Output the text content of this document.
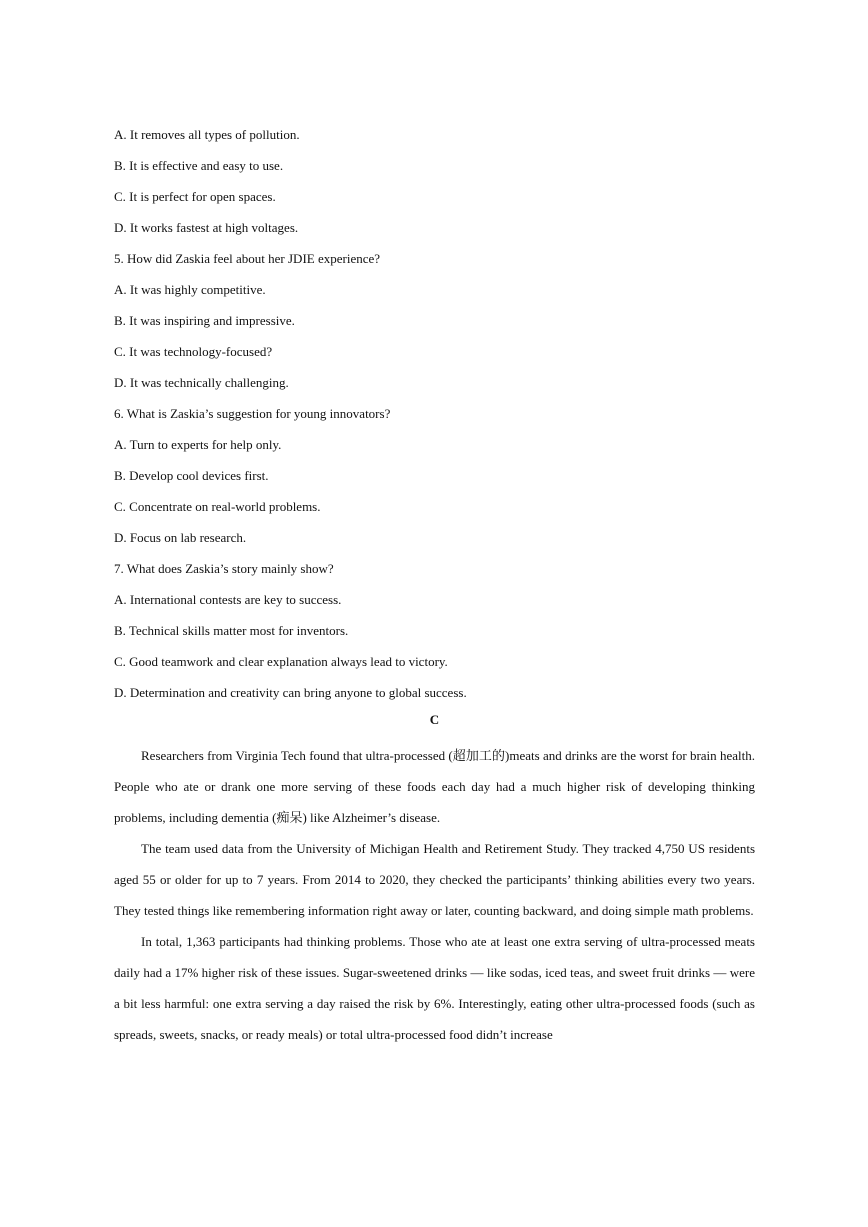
A. It removes all types of pollution.
B. It is effective and easy to use.
C. It is perfect for open spaces.
D. It works fastest at high voltages.
5. How did Zaskia feel about her JDIE experience?
A. It was highly competitive.
B. It was inspiring and impressive.
C. It was technology-focused?
D. It was technically challenging.
6. What is Zaskia’s suggestion for young innovators?
A. Turn to experts for help only.
B. Develop cool devices first.
C. Concentrate on real-world problems.
D. Focus on lab research.
7. What does Zaskia’s story mainly show?
A. International contests are key to success.
B. Technical skills matter most for inventors.
C. Good teamwork and clear explanation always lead to victory.
D. Determination and creativity can bring anyone to global success.
C

Researchers from Virginia Tech found that ultra-processed (超加工的)meats and drinks are the worst for brain health. People who ate or drank one more serving of these foods each day had a much higher risk of developing thinking problems, including dementia (痴呆) like Alzheimer’s disease.

The team used data from the University of Michigan Health and Retirement Study. They tracked 4,750 US residents aged 55 or older for up to 7 years. From 2014 to 2020, they checked the participants’ thinking abilities every two years. They tested things like remembering information right away or later, counting backward, and doing simple math problems.

In total, 1,363 participants had thinking problems. Those who ate at least one extra serving of ultra-processed meats daily had a 17% higher risk of these issues. Sugar-sweetened drinks — like sodas, iced teas, and sweet fruit drinks — were a bit less harmful: one extra serving a day raised the risk by 6%. Interestingly, eating other ultra-processed foods (such as spreads, sweets, snacks, or ready meals) or total ultra-processed food didn’t increase
